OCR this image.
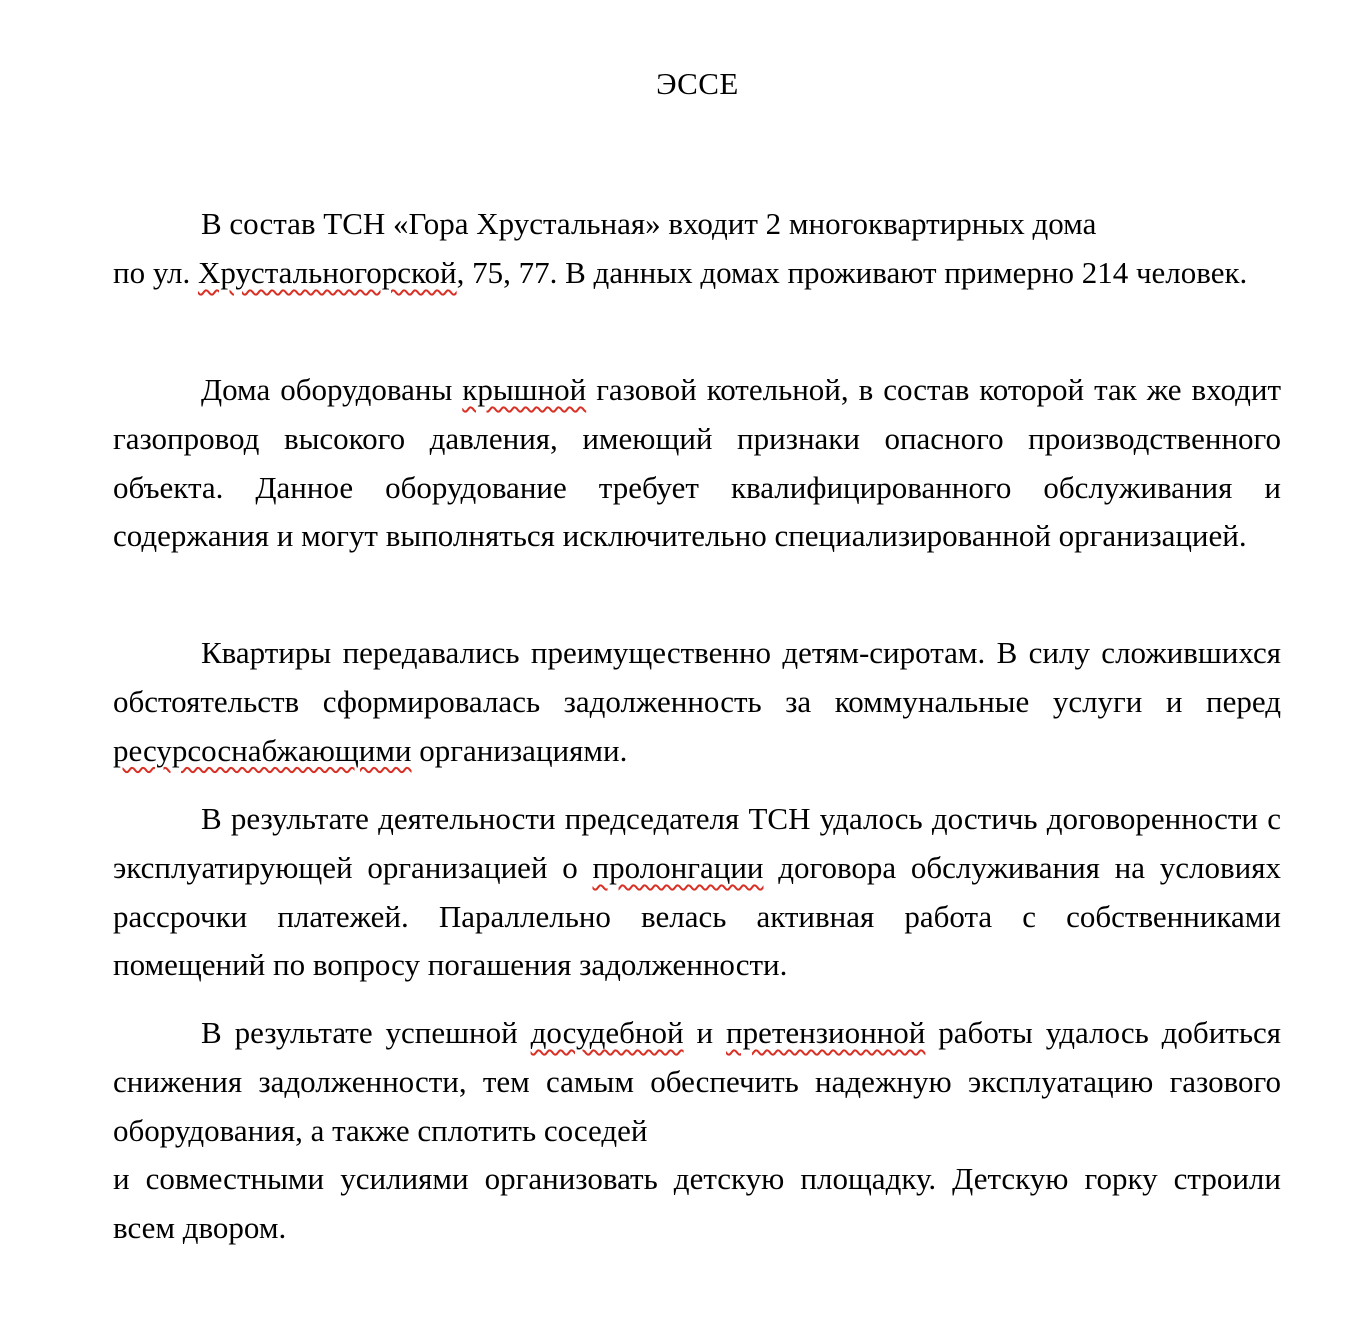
ЭССЕ

В состав ТСН «Гора Хрустальная» входит 2 многоквартирных дома
по ул. Хрустальногорской, 75, 77. В данных домах проживают примерно 214 человек.

Дома оборудованы крышной газовой котельной, в состав которой так же входит газопровод высокого давления, имеющий признаки опасного производственного объекта. Данное оборудование требует квалифицированного обслуживания и содержания и могут выполняться исключительно специализированной организацией.

Квартиры передавались преимущественно детям-сиротам. В силу сложившихся обстоятельств сформировалась задолженность за коммунальные услуги и перед ресурсоснабжающими организациями.

В результате деятельности председателя ТСН удалось достичь договоренности с эксплуатирующей организацией о пролонгации договора обслуживания на условиях рассрочки платежей. Параллельно велась активная работа с собственниками помещений по вопросу погашения задолженности.

В результате успешной досудебной и претензионной работы удалось добиться снижения задолженности, тем самым обеспечить надежную эксплуатацию газового оборудования, а также сплотить соседей
и совместными усилиями организовать детскую площадку. Детскую горку строили всем двором.
